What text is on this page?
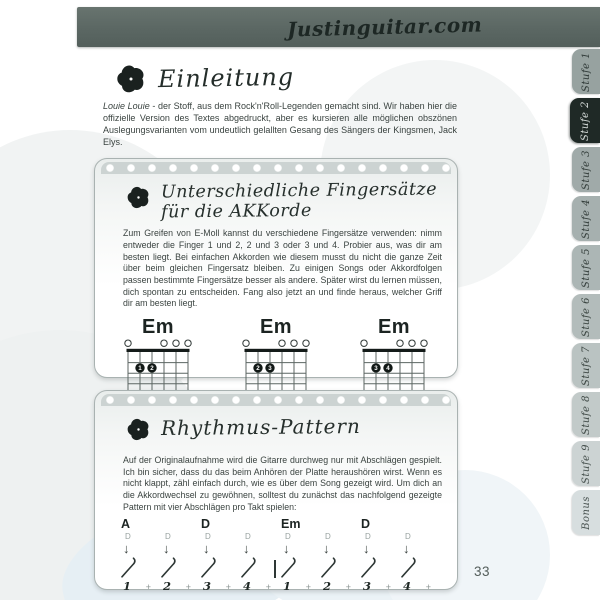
Justinguitar.com
Stufe 1
Stufe 2
Stufe 3
Stufe 4
Stufe 5
Stufe 6
Stufe 7
Stufe 8
Stufe 9
Bonus
Einleitung
Louie Louie - der Stoff, aus dem Rock'n'Roll-Legenden gemacht sind. Wir haben hier die offizielle Version des Textes abgedruckt, aber es kursieren alle möglichen obszönen Auslegungsvarianten vom undeutlich gelallten Gesang des Sängers der Kingsmen, Jack Elys.
Unterschiedliche Fingersätze
für die AKKorde
Zum Greifen von E-Moll kannst du verschiedene Fingersätze verwenden: nimm entweder die Finger 1 und 2, 2 und 3 oder 3 und 4. Probier aus, was dir am besten liegt. Bei einfachen Akkorden wie diesem musst du nicht die ganze Zeit über beim gleichen Fingersatz bleiben. Zu einigen Songs oder Akkordfolgen passen bestimmte Fingersätze besser als andere. Später wirst du lernen müssen, dich spontan zu entscheiden. Fang also jetzt an und finde heraus, welcher Griff dir am besten liegt.
Em
1 2
Em
2 3
Em
3 4
Rhythmus-Pattern
Auf der Originalaufnahme wird die Gitarre durchweg nur mit Abschlägen gespielt. Ich bin sicher, dass du das beim Anhören der Platte heraushören wirst. Wenn es nicht klappt, zähl einfach durch, wie es über dem Song gezeigt wird. Um dich an die Akkordwechsel zu gewöhnen, solltest du zunächst das nachfolgend gezeigte Pattern mit vier Abschlägen pro Takt spielen:
A
D
↓
1 +
D
↓
2 +
D
D
↓
3 +
D
↓
4 +
Em
D
↓
1 +
D
↓
2 +
D
D
↓
3 +
D
↓
4 +
33
